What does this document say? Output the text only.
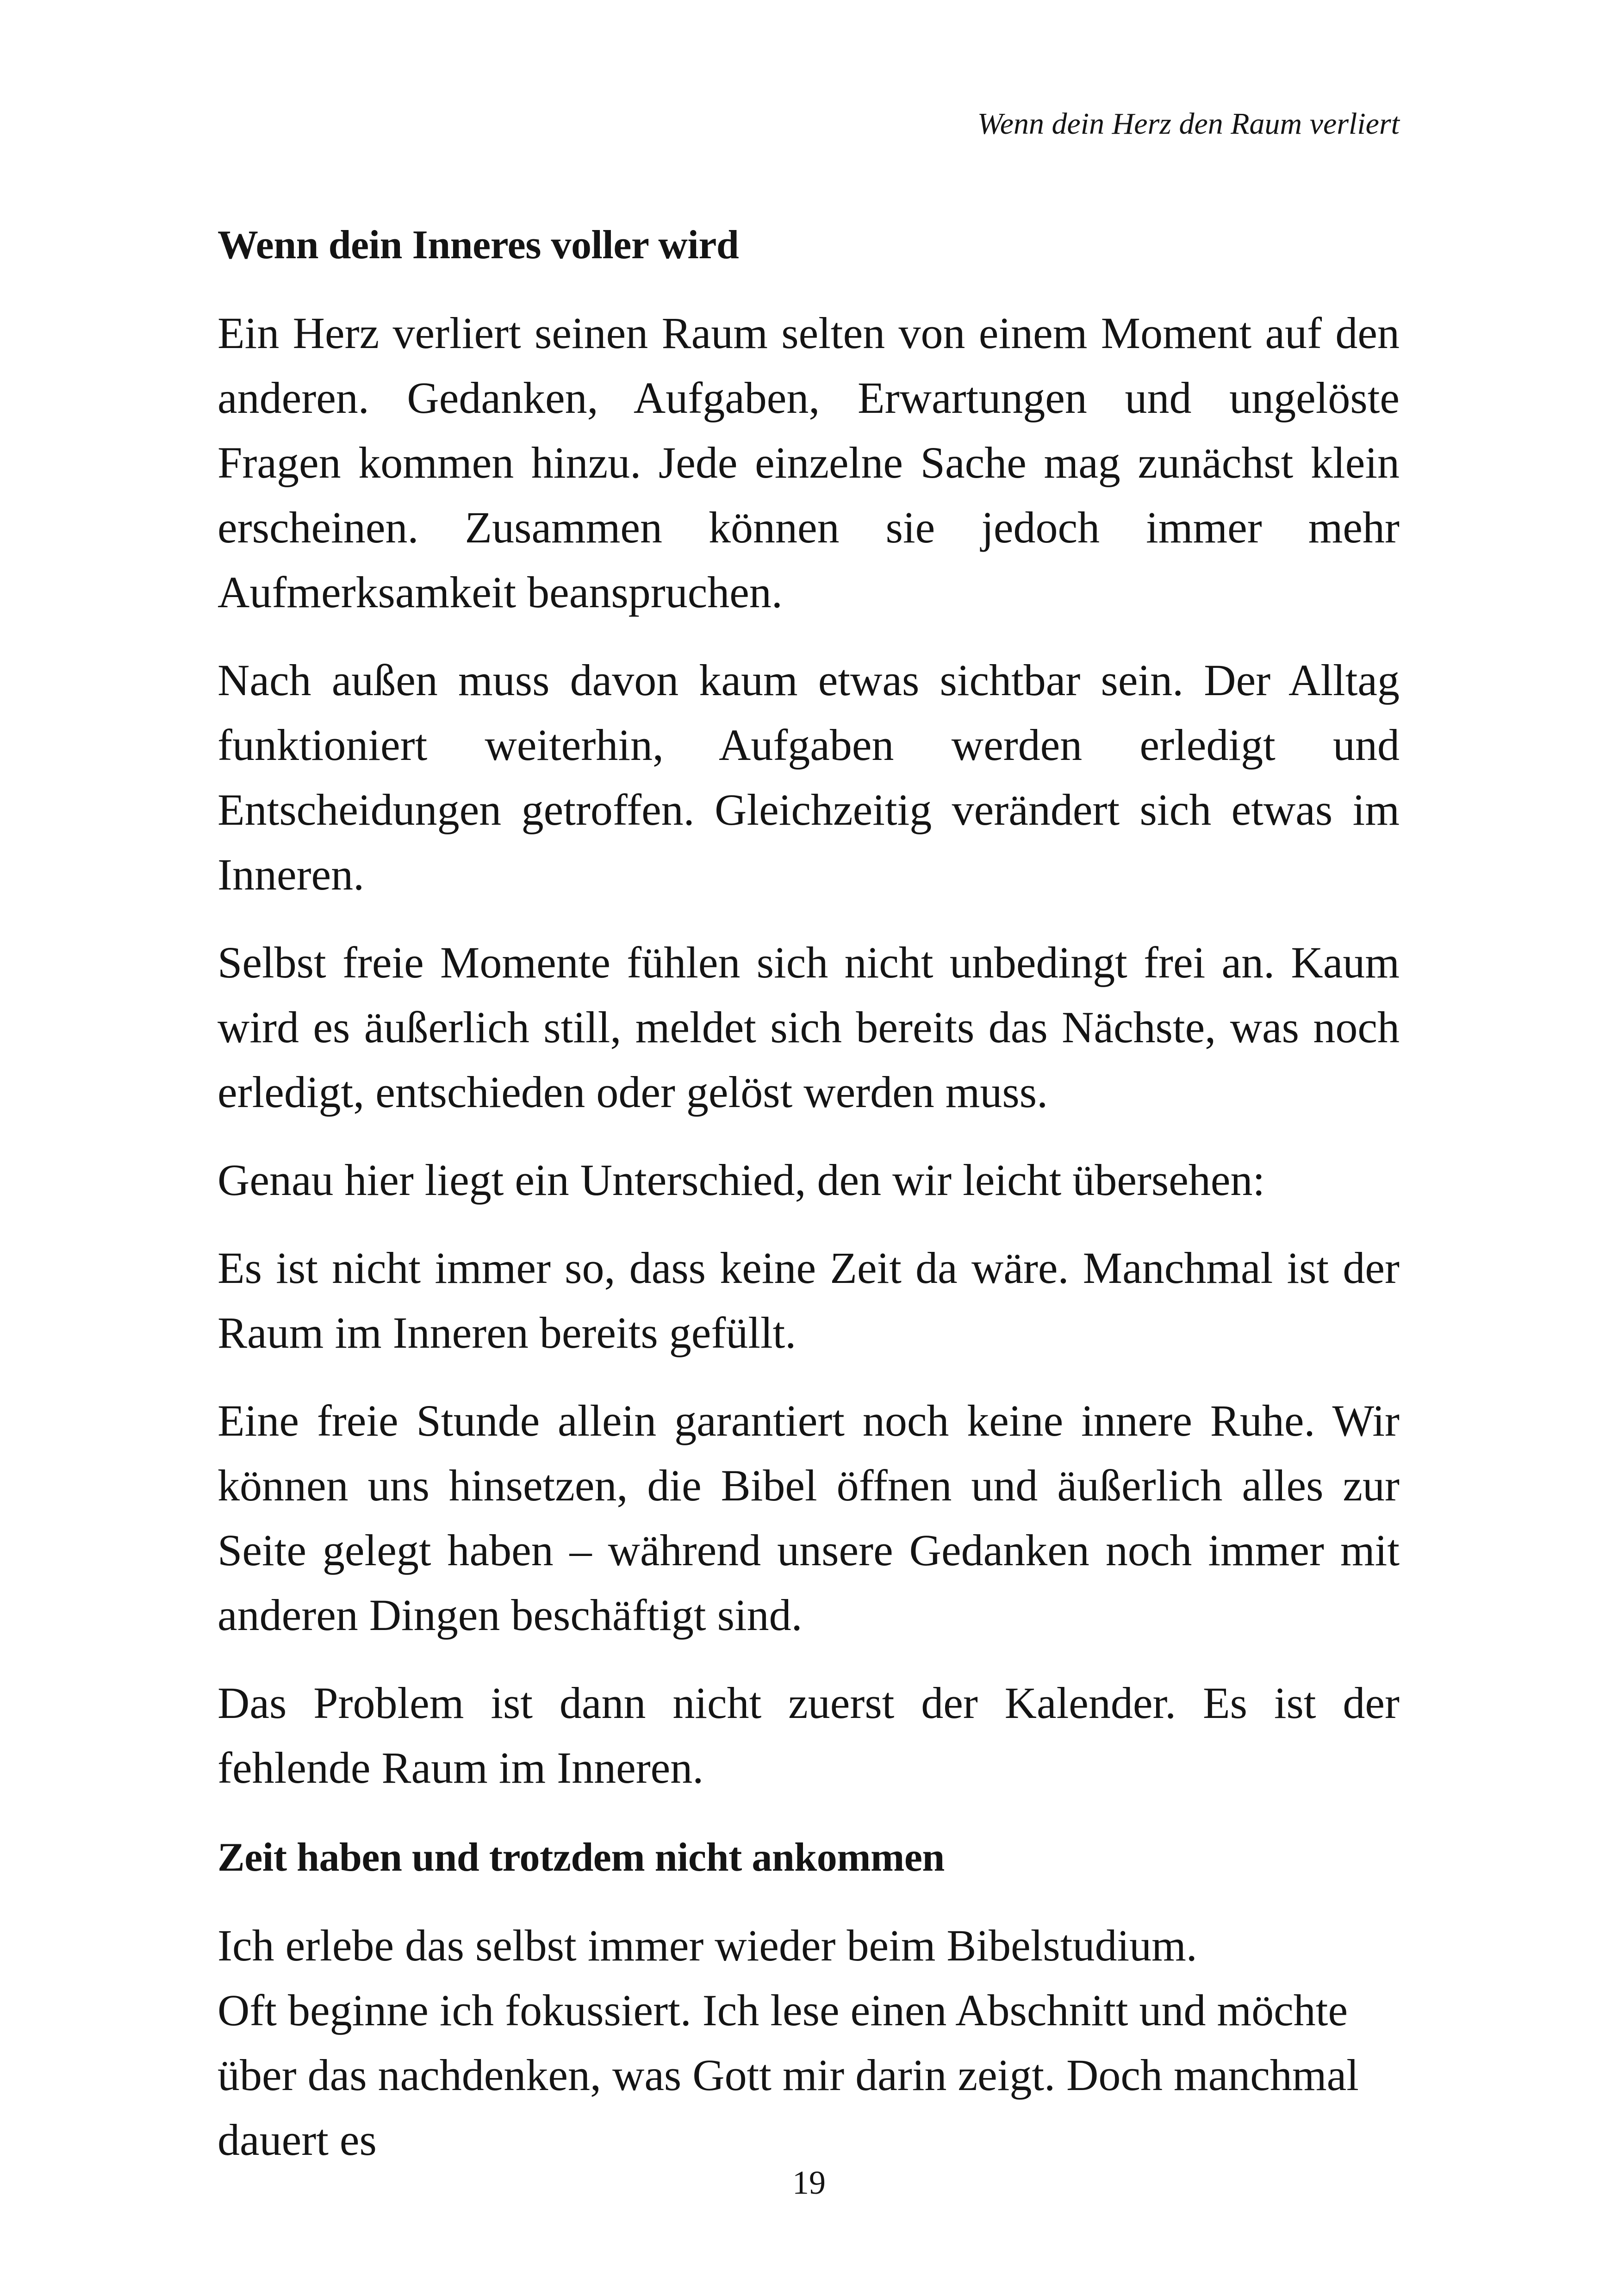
Wenn dein Herz den Raum verliert
Wenn dein Inneres voller wird

Ein Herz verliert seinen Raum selten von einem Moment auf den anderen. Gedanken, Aufgaben, Erwartungen und ungelöste Fragen kommen hinzu. Jede einzelne Sache mag zunächst klein erscheinen. Zusammen können sie jedoch immer mehr Aufmerksamkeit beanspruchen.

Nach außen muss davon kaum etwas sichtbar sein. Der Alltag funktioniert weiterhin, Aufgaben werden erledigt und Entscheidungen getroffen. Gleichzeitig verändert sich etwas im Inneren.

Selbst freie Momente fühlen sich nicht unbedingt frei an. Kaum wird es äußerlich still, meldet sich bereits das Nächste, was noch erledigt, entschieden oder gelöst werden muss.

Genau hier liegt ein Unterschied, den wir leicht übersehen:

Es ist nicht immer so, dass keine Zeit da wäre. Manchmal ist der Raum im Inneren bereits gefüllt.

Eine freie Stunde allein garantiert noch keine innere Ruhe. Wir können uns hinsetzen, die Bibel öffnen und äußerlich alles zur Seite gelegt haben – während unsere Gedanken noch immer mit anderen Dingen beschäftigt sind.

Das Problem ist dann nicht zuerst der Kalender. Es ist der fehlende Raum im Inneren.

Zeit haben und trotzdem nicht ankommen

Ich erlebe das selbst immer wieder beim Bibelstudium.

Oft beginne ich fokussiert. Ich lese einen Abschnitt und möchte über das nachdenken, was Gott mir darin zeigt. Doch manchmal dauert es

19
